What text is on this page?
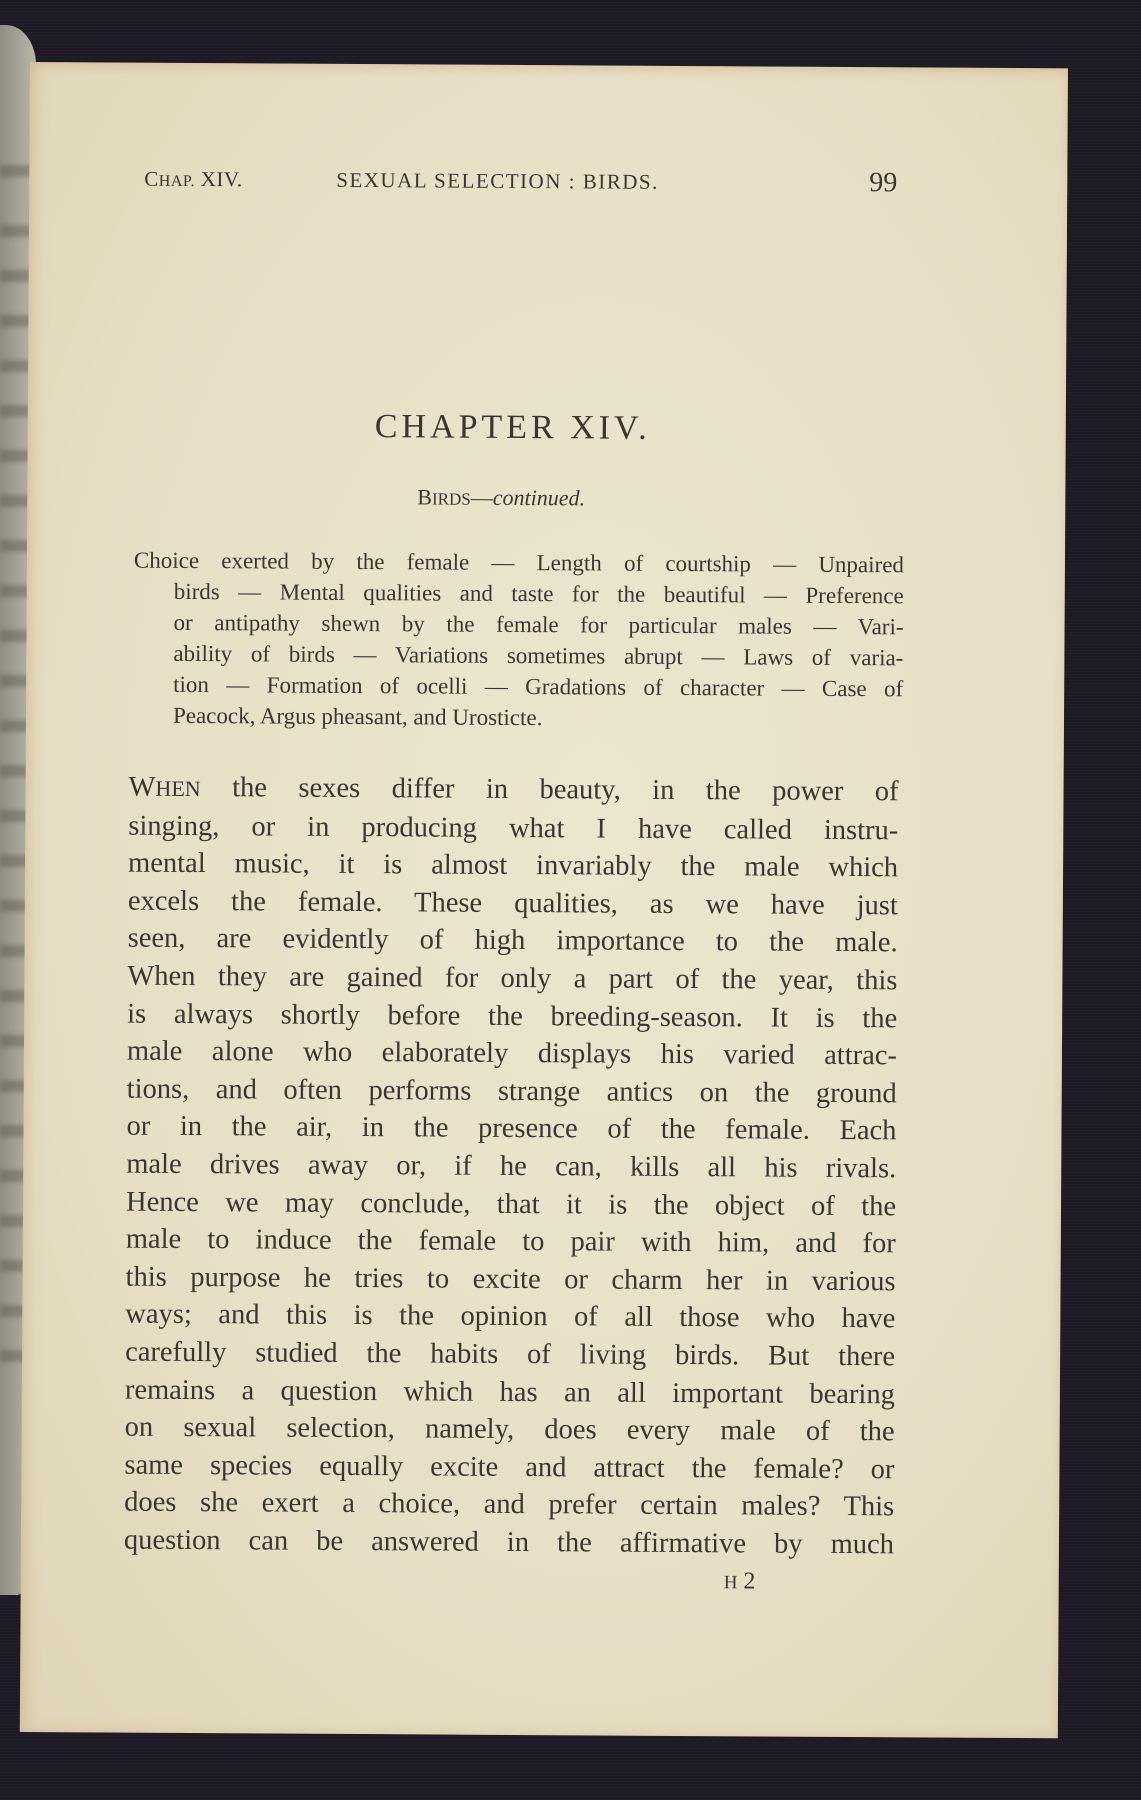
CHAP. XIV.	SEXUAL SELECTION : BIRDS.	99
CHAPTER XIV.
BIRDS—continued.
Choice exerted by the female — Length of courtship — Unpaired
birds — Mental qualities and taste for the beautiful — Preference
or antipathy shewn by the female for particular males — Vari-
ability of birds — Variations sometimes abrupt — Laws of varia-
tion — Formation of ocelli — Gradations of character — Case of
Peacock, Argus pheasant, and Urosticte.
WHEN the sexes differ in beauty, in the power of
singing, or in producing what I have called instru-
mental music, it is almost invariably the male which
excels the female. These qualities, as we have just
seen, are evidently of high importance to the male.
When they are gained for only a part of the year, this
is always shortly before the breeding-season. It is the
male alone who elaborately displays his varied attrac-
tions, and often performs strange antics on the ground
or in the air, in the presence of the female. Each
male drives away or, if he can, kills all his rivals.
Hence we may conclude, that it is the object of the
male to induce the female to pair with him, and for
this purpose he tries to excite or charm her in various
ways; and this is the opinion of all those who have
carefully studied the habits of living birds. But there
remains a question which has an all important bearing
on sexual selection, namely, does every male of the
same species equally excite and attract the female? or
does she exert a choice, and prefer certain males? This
question can be answered in the affirmative by much
H2
